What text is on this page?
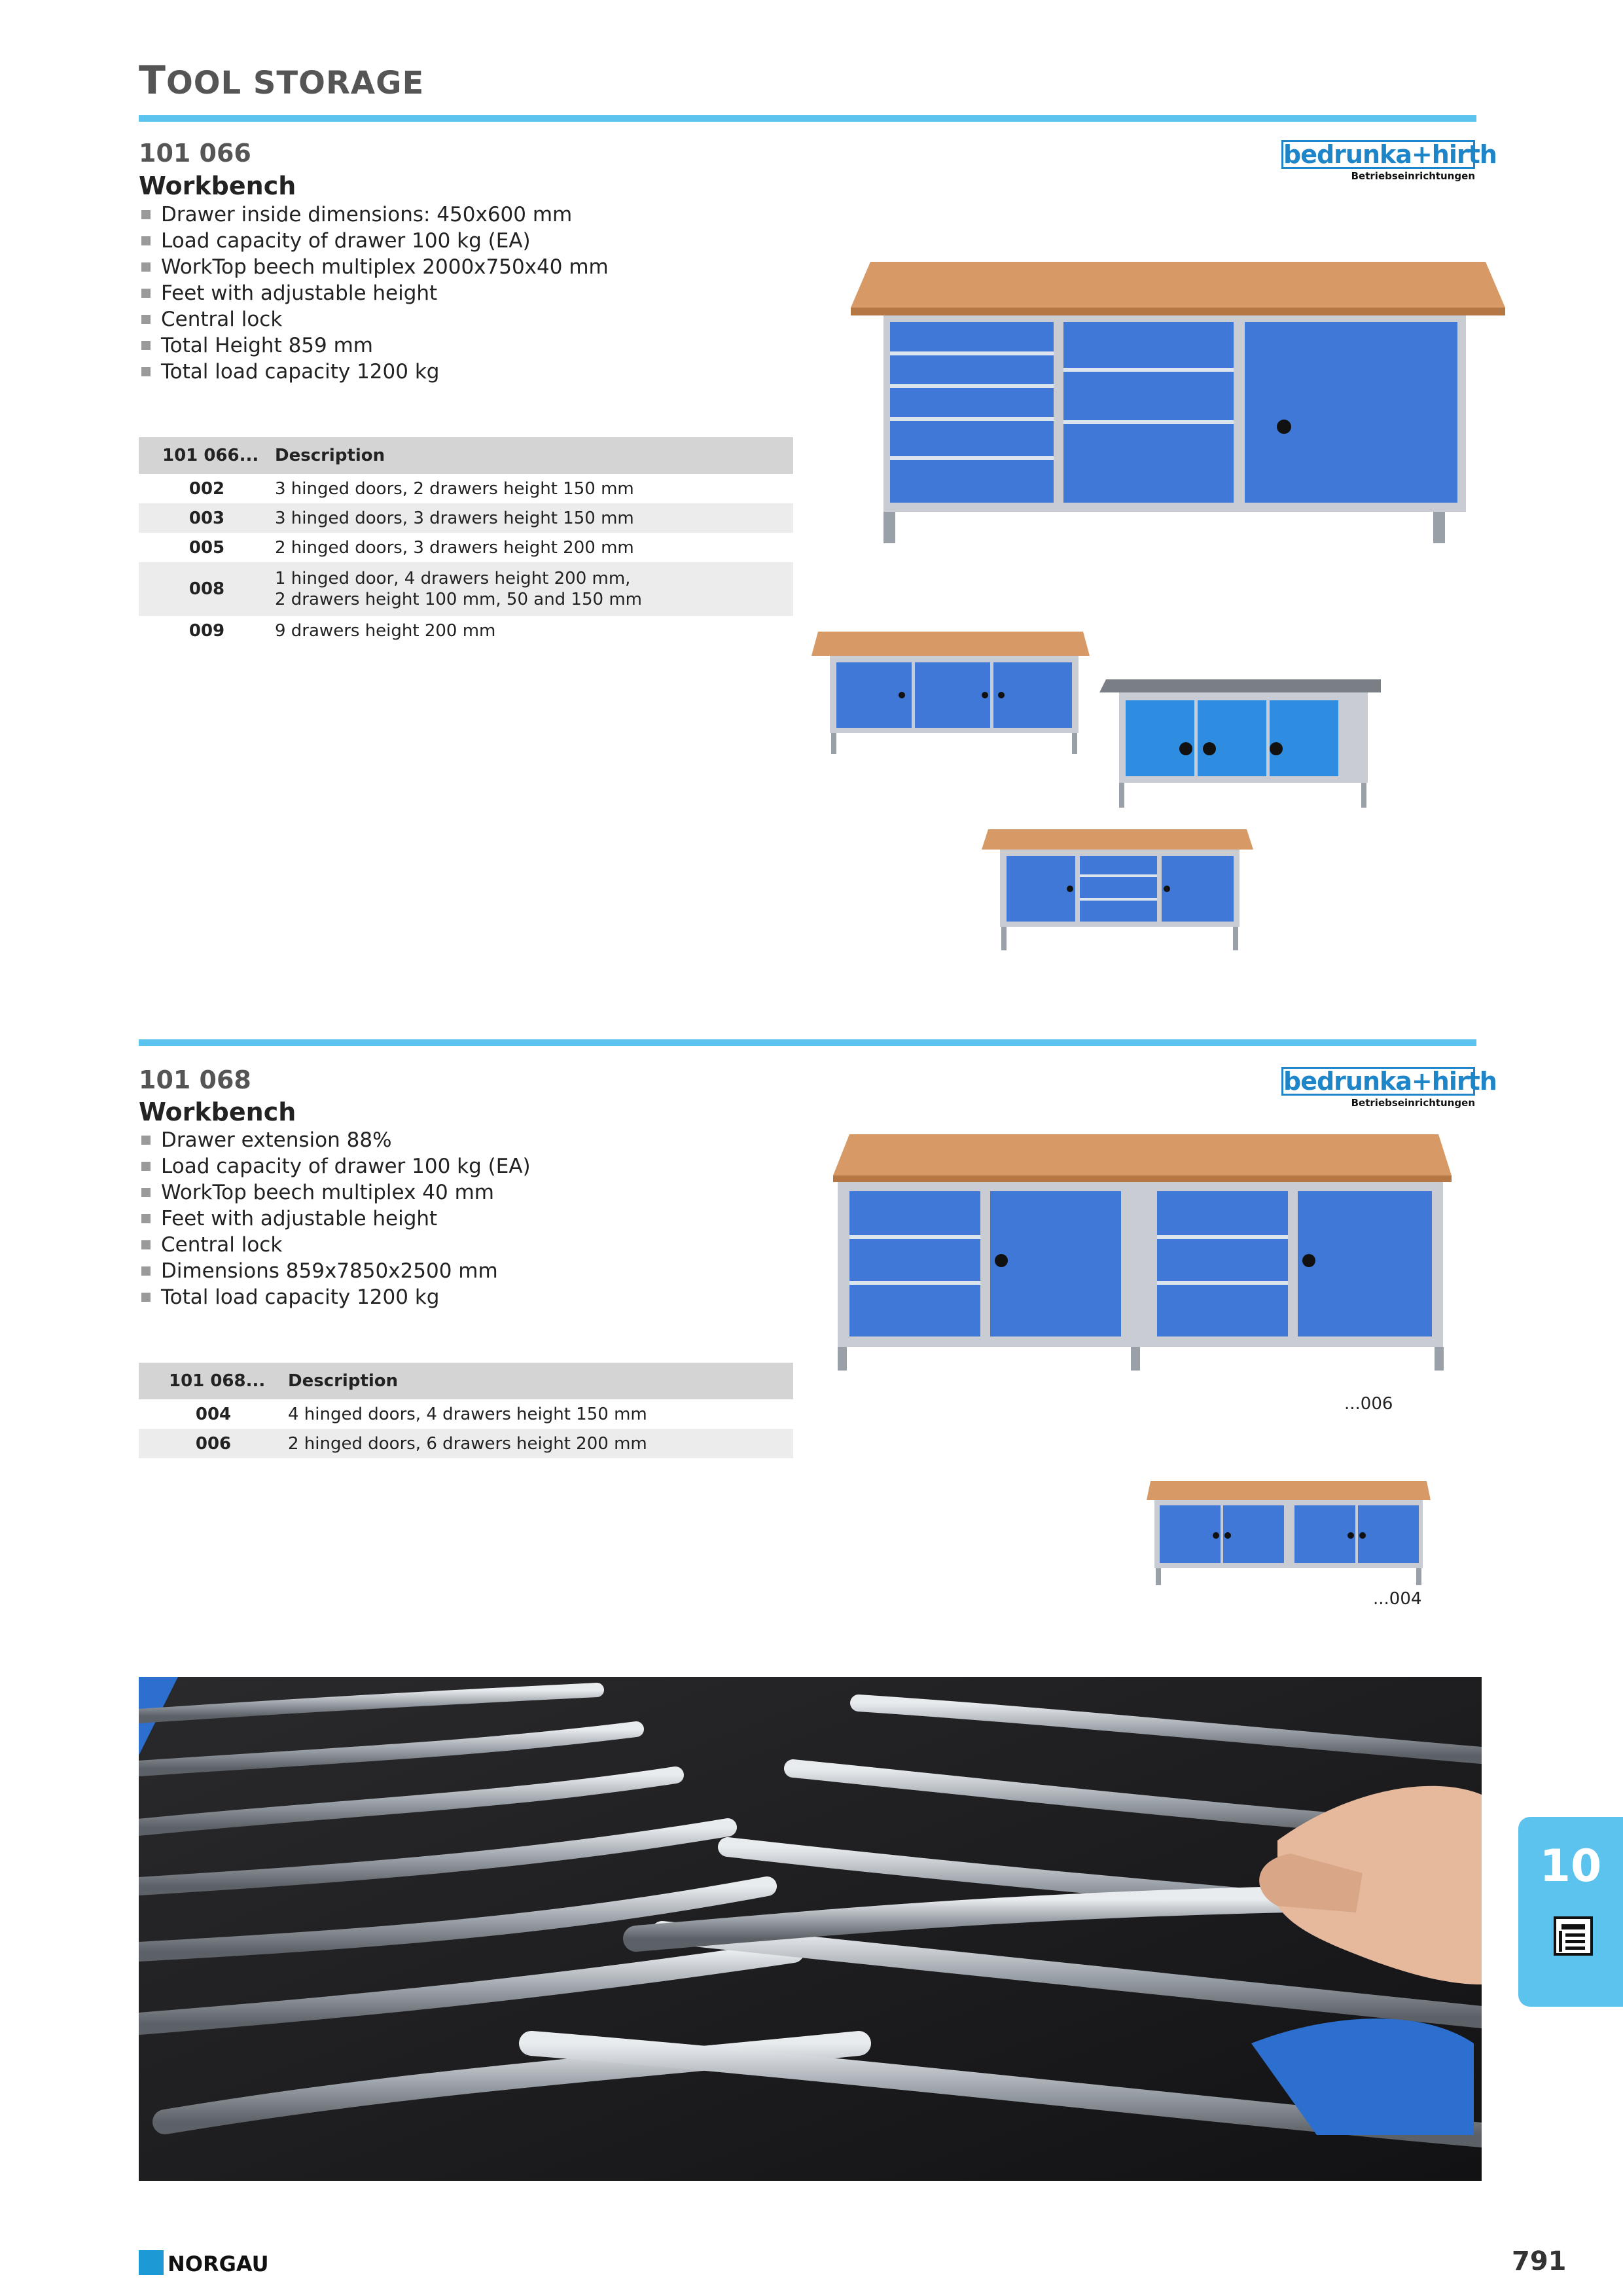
TOOL STORAGE
101 066
Workbench
Drawer inside dimensions: 450x600 mm
Load capacity of drawer 100 kg (EA)
WorkTop beech multiplex 2000x750x40 mm
Feet with adjustable height
Central lock
Total Height 859 mm
Total load capacity 1200 kg
bedrunka+hirth
Betriebseinrichtungen
101 066...	Description
002	3 hinged doors, 2 drawers height 150 mm
003	3 hinged doors, 3 drawers height 150 mm
005	2 hinged doors, 3 drawers height 200 mm
008	1 hinged door, 4 drawers height 200 mm,
2 drawers height 100 mm, 50 and 150 mm

009	9 drawers height 200 mm
101 068
Workbench
Drawer extension 88%
Load capacity of drawer 100 kg (EA)
WorkTop beech multiplex 40 mm
Feet with adjustable height
Central lock
Dimensions 859x7850x2500 mm
Total load capacity 1200 kg
bedrunka+hirth
Betriebseinrichtungen
101 068...	Description
004	4 hinged doors, 4 drawers height 150 mm
006	2 hinged doors, 6 drawers height 200 mm
...006
...004
10
NORGAU	791
